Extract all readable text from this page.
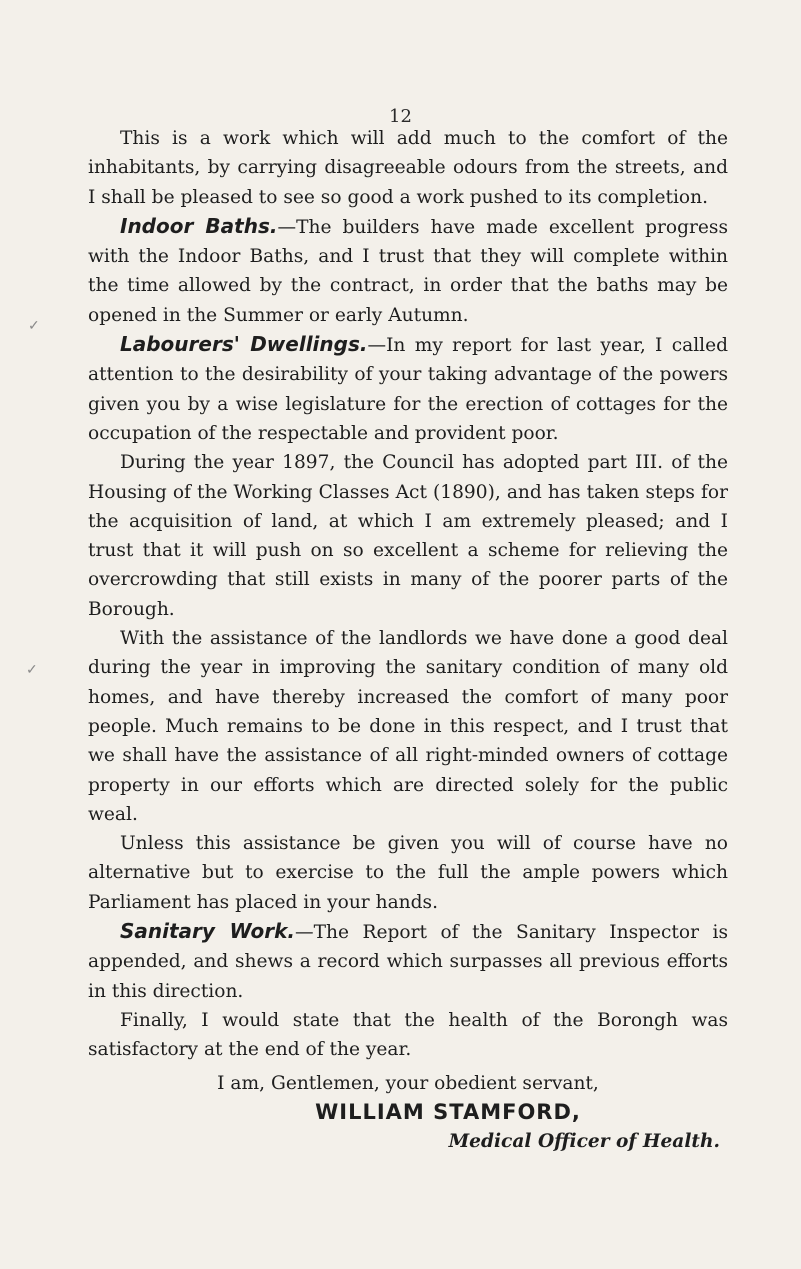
12

This is a work which will add much to the comfort of the inhabitants, by carrying disagreeable odours from the streets, and I shall be pleased to see so good a work pushed to its completion.

Indoor Baths.—The builders have made excellent progress with the Indoor Baths, and I trust that they will complete within the time allowed by the contract, in order that the baths may be opened in the Summer or early Autumn.

Labourers' Dwellings.—In my report for last year, I called attention to the desirability of your taking advantage of the powers given you by a wise legislature for the erection of cottages for the occupation of the respectable and provident poor.

During the year 1897, the Council has adopted part III. of the Housing of the Working Classes Act (1890), and has taken steps for the acquisition of land, at which I am extremely pleased; and I trust that it will push on so excellent a scheme for relieving the overcrowding that still exists in many of the poorer parts of the Borough.

With the assistance of the landlords we have done a good deal during the year in improving the sanitary condition of many old homes, and have thereby increased the comfort of many poor people. Much remains to be done in this respect, and I trust that we shall have the assistance of all right-minded owners of cottage property in our efforts which are directed solely for the public weal.

Unless this assistance be given you will of course have no alternative but to exercise to the full the ample powers which Parliament has placed in your hands.

Sanitary Work.—The Report of the Sanitary Inspector is appended, and shews a record which surpasses all previous efforts in this direction.

Finally, I would state that the health of the Borongh was satisfactory at the end of the year.

I am, Gentlemen, your obedient servant,

WILLIAM STAMFORD,

Medical Officer of Health.

✓
✓
